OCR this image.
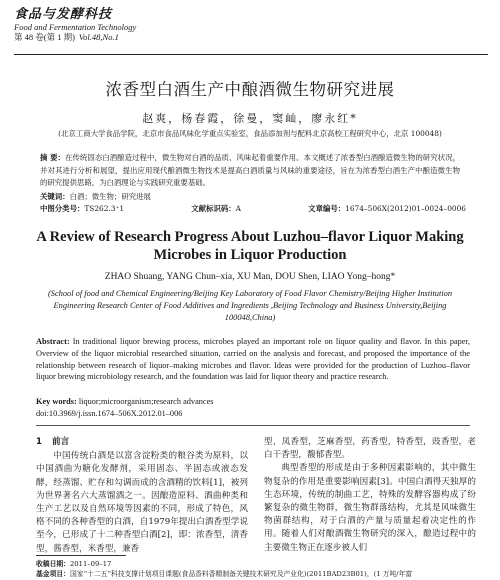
食品与发酵科技
Food and Fermentation Technology
第 48 卷(第 1 期) Vol.48,No.1
浓香型白酒生产中酿酒微生物研究进展
赵爽，杨春霞，徐曼，窦屾，廖永红*
(北京工商大学食品学院，北京市食品风味化学重点实验室，食品添加剂与配料北京高校工程研究中心，北京 100048)
摘 要：在传统固态白酒酿造过程中，微生物对白酒的品质、风味起着重要作用。本文概述了浓香型白酒酿造微生物的研究状况，并对其进行分析和展望，提出应用现代酿酒微生物技术是提高白酒质量与风味的重要途径，旨在为浓香型白酒生产中酿造微生物的研究提供思路，为白酒理论与实践研究重要基础。
关键词：白酒；微生物；研究进展
中图分类号：TS262.3⁺1	文献标识码：A	文章编号：1674–506X(2012)01–0024–0006
A Review of Research Progress About Luzhou–flavor Liquor Making Microbes in Liquor Production
ZHAO Shuang, YANG Chun–xia, XU Man, DOU Shen, LIAO Yong–hong*
(School of food and Chemical Engineering/Beijing Key Laboratory of Food Flavor Chemistry/Beijing Higher Institution Engineering Research Center of Food Additives and Ingredients ,Beijing Technology and Business University,Beijing 100048,China)
Abstract: In traditional liquor brewing process, microbes played an important role on liquor quality and flavor. In this paper, Overview of the liquor microbial researched situation, carried on the analysis and forecast, and proposed the importance of the relationship between research of liquor–making microbes and flavor. Ideas were provided for the production of Luzhou–flavor liquor brewing microbiology research, and the foundation was laid for liquor theory and practice research.
Key words: liquor;microorganism;research advances
doi:10.3969/j.issn.1674–506X.2012.01–006
1 前言

中国传统白酒是以富含淀粉类的粮谷类为原料，以中国酒曲为糖化发酵剂，采用固态、半固态或液态发酵，经蒸馏、贮存和勾调而成的含酒精的饮料[1]，被列为世界著名六大蒸馏酒之一。因酿造原料、酒曲种类和生产工艺以及自然环境等因素的不同，形成了特色，风格不同的各种香型的白酒，自1979年提出白酒香型学说至今，已形成了十二种香型白酒[2]，即：浓香型，清香型，酱香型，米香型，兼香

型，凤香型，芝麻香型，药香型，特香型，豉香型，老白干香型，馥郁香型。

典型香型的形成是由于多种因素影响的，其中微生物复杂的作用是重要影响因素[3]。中国白酒得天独厚的生态环境，传统的制曲工艺，特殊的发酵容器构成了纷繁复杂的微生物群，微生物群落结构，尤其是风味微生物菌群结构，对于白酒的产量与质量起着决定性的作用。随着人们对酿酒微生物研究的深入，酿造过程中的主要微生物正在逐步被人们

收稿日期：2011–09–17
基金项目：国家“十二五”科技支撑计划项目课题(食品香料香精制备关键技术研究及产业化)(2011BAD23B01)，(1 万吨/年富
